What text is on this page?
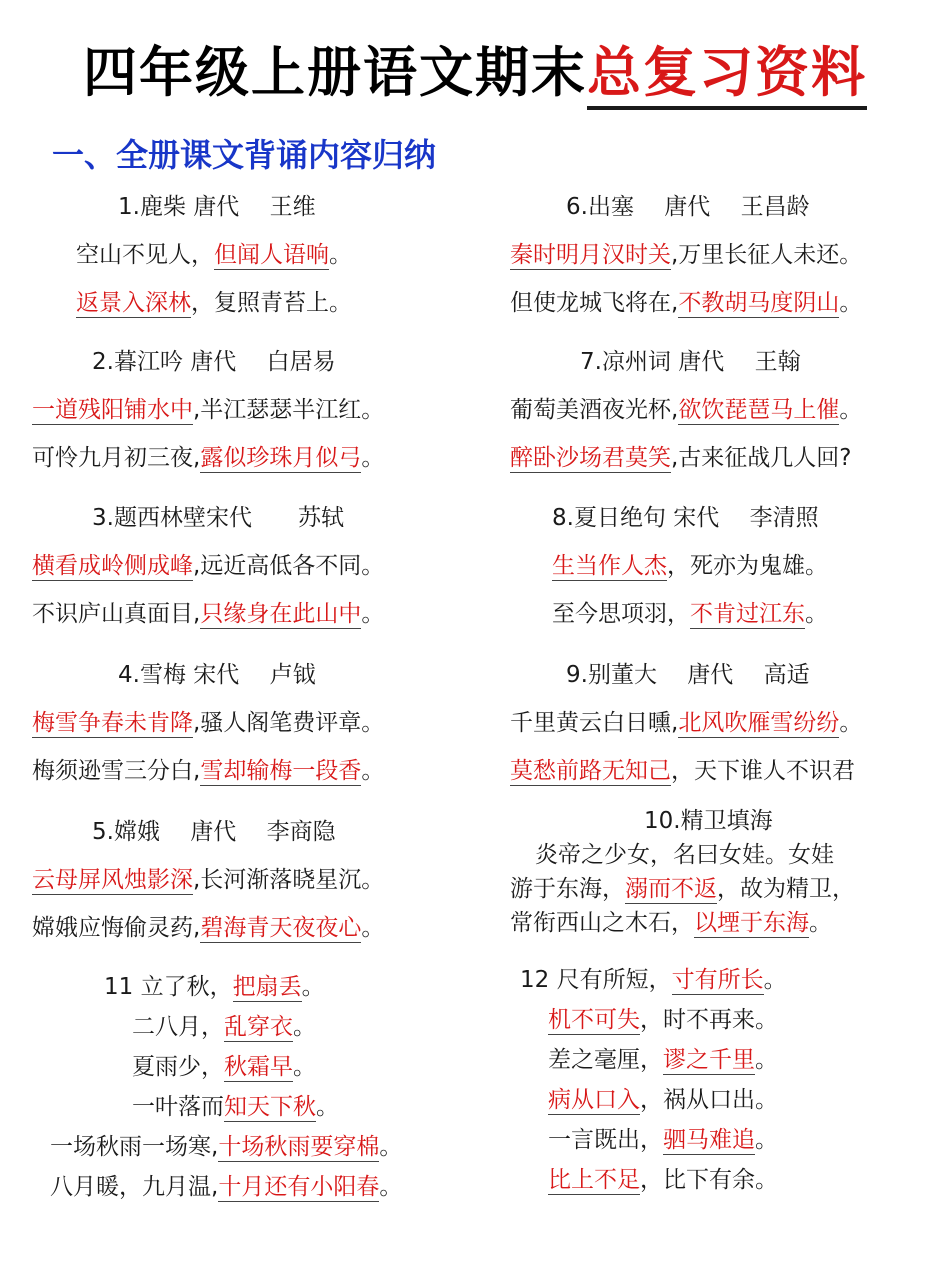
四年级上册语文期末总复习资料
一、全册课文背诵内容归纳
1.鹿柴 唐代　 王维
空山不见人，但闻人语响。
返景入深林，复照青苔上。
2.暮江吟 唐代　 白居易
一道残阳铺水中,半江瑟瑟半江红。
可怜九月初三夜,露似珍珠月似弓。
3.题西林壁宋代　　苏轼
横看成岭侧成峰,远近高低各不同。
不识庐山真面目,只缘身在此山中。
4.雪梅 宋代　 卢钺
梅雪争春未肯降,骚人阁笔费评章。
梅须逊雪三分白,雪却输梅一段香。
5.嫦娥　 唐代　 李商隐
云母屏风烛影深,长河渐落晓星沉。
嫦娥应悔偷灵药,碧海青天夜夜心。
6.出塞　 唐代　 王昌龄
秦时明月汉时关,万里长征人未还。
但使龙城飞将在,不教胡马度阴山。
7.凉州词 唐代　 王翰
葡萄美酒夜光杯,欲饮琵琶马上催。
醉卧沙场君莫笑,古来征战几人回?
8.夏日绝句 宋代　 李清照
生当作人杰，死亦为鬼雄。
至今思项羽，不肯过江东。
9.别董大　 唐代　 高适
千里黄云白日曛,北风吹雁雪纷纷。
莫愁前路无知己，天下谁人不识君
10.精卫填海
　炎帝之少女，名曰女娃。女娃
游于东海，溺而不返，故为精卫，
常衔西山之木石，以堙于东海。
11 立了秋，把扇丢。
二八月，乱穿衣。
夏雨少，秋霜早。
一叶落而知天下秋。
一场秋雨一场寒,十场秋雨要穿棉。
八月暖，九月温,十月还有小阳春。
12 尺有所短，寸有所长。
机不可失，时不再来。
差之毫厘，谬之千里。
病从口入，祸从口出。
一言既出，驷马难追。
比上不足，比下有余。
